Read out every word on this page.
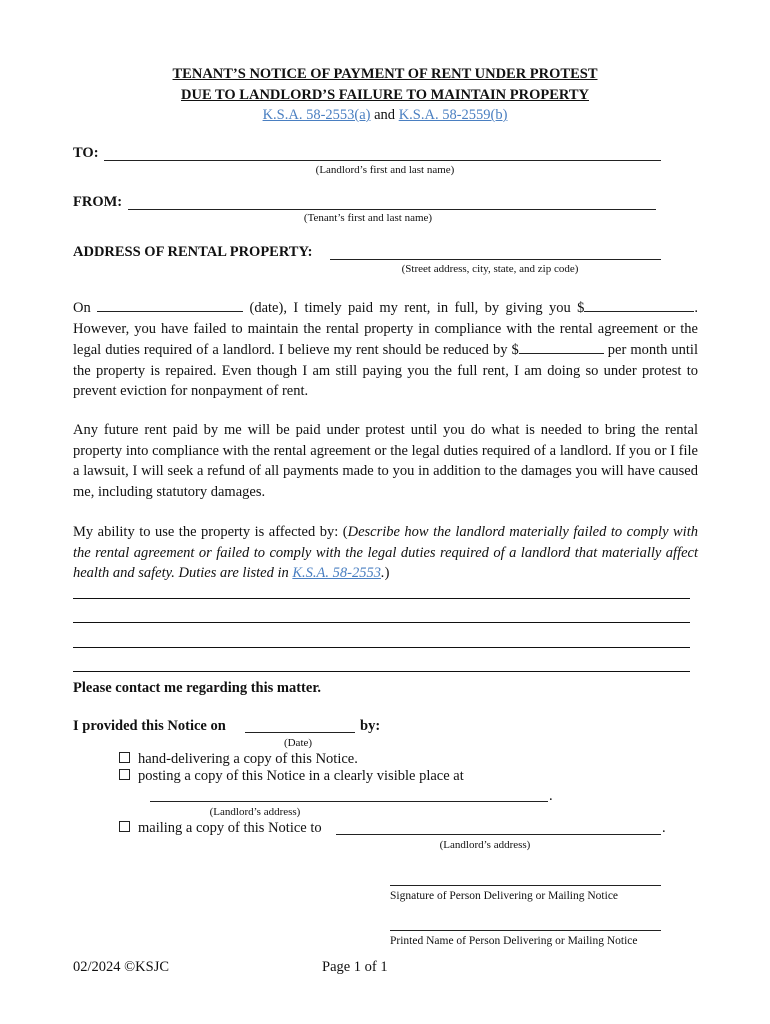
TENANT’S NOTICE OF PAYMENT OF RENT UNDER PROTEST
DUE TO LANDLORD’S FAILURE TO MAINTAIN PROPERTY
K.S.A. 58-2553(a) and K.S.A. 58-2559(b)
TO:
(Landlord’s first and last name)
FROM:
(Tenant’s first and last name)
ADDRESS OF RENTAL PROPERTY:
(Street address, city, state, and zip code)
On	(date), I timely paid my rent, in full, by giving you $	. However, you have failed to maintain the rental property in compliance with the rental agreement or the legal duties required of a landlord. I believe my rent should be reduced by $	per month until the property is repaired. Even though I am still paying you the full rent, I am doing so under protest to prevent eviction for nonpayment of rent.
Any future rent paid by me will be paid under protest until you do what is needed to bring the rental property into compliance with the rental agreement or the legal duties required of a landlord. If you or I file a lawsuit, I will seek a refund of all payments made to you in addition to the damages you will have caused me, including statutory damages.
My ability to use the property is affected by: (Describe how the landlord materially failed to comply with the rental agreement or failed to comply with the legal duties required of a landlord that materially affect health and safety. Duties are listed in K.S.A. 58-2553.)
Please contact me regarding this matter.
I provided this Notice on	by:
(Date)
hand-delivering a copy of this Notice.
posting a copy of this Notice in a clearly visible place at
.
(Landlord’s address)
mailing a copy of this Notice to	.
(Landlord’s address)
Signature of Person Delivering or Mailing Notice
Printed Name of Person Delivering or Mailing Notice
02/2024 ©KSJC	Page 1 of 1
